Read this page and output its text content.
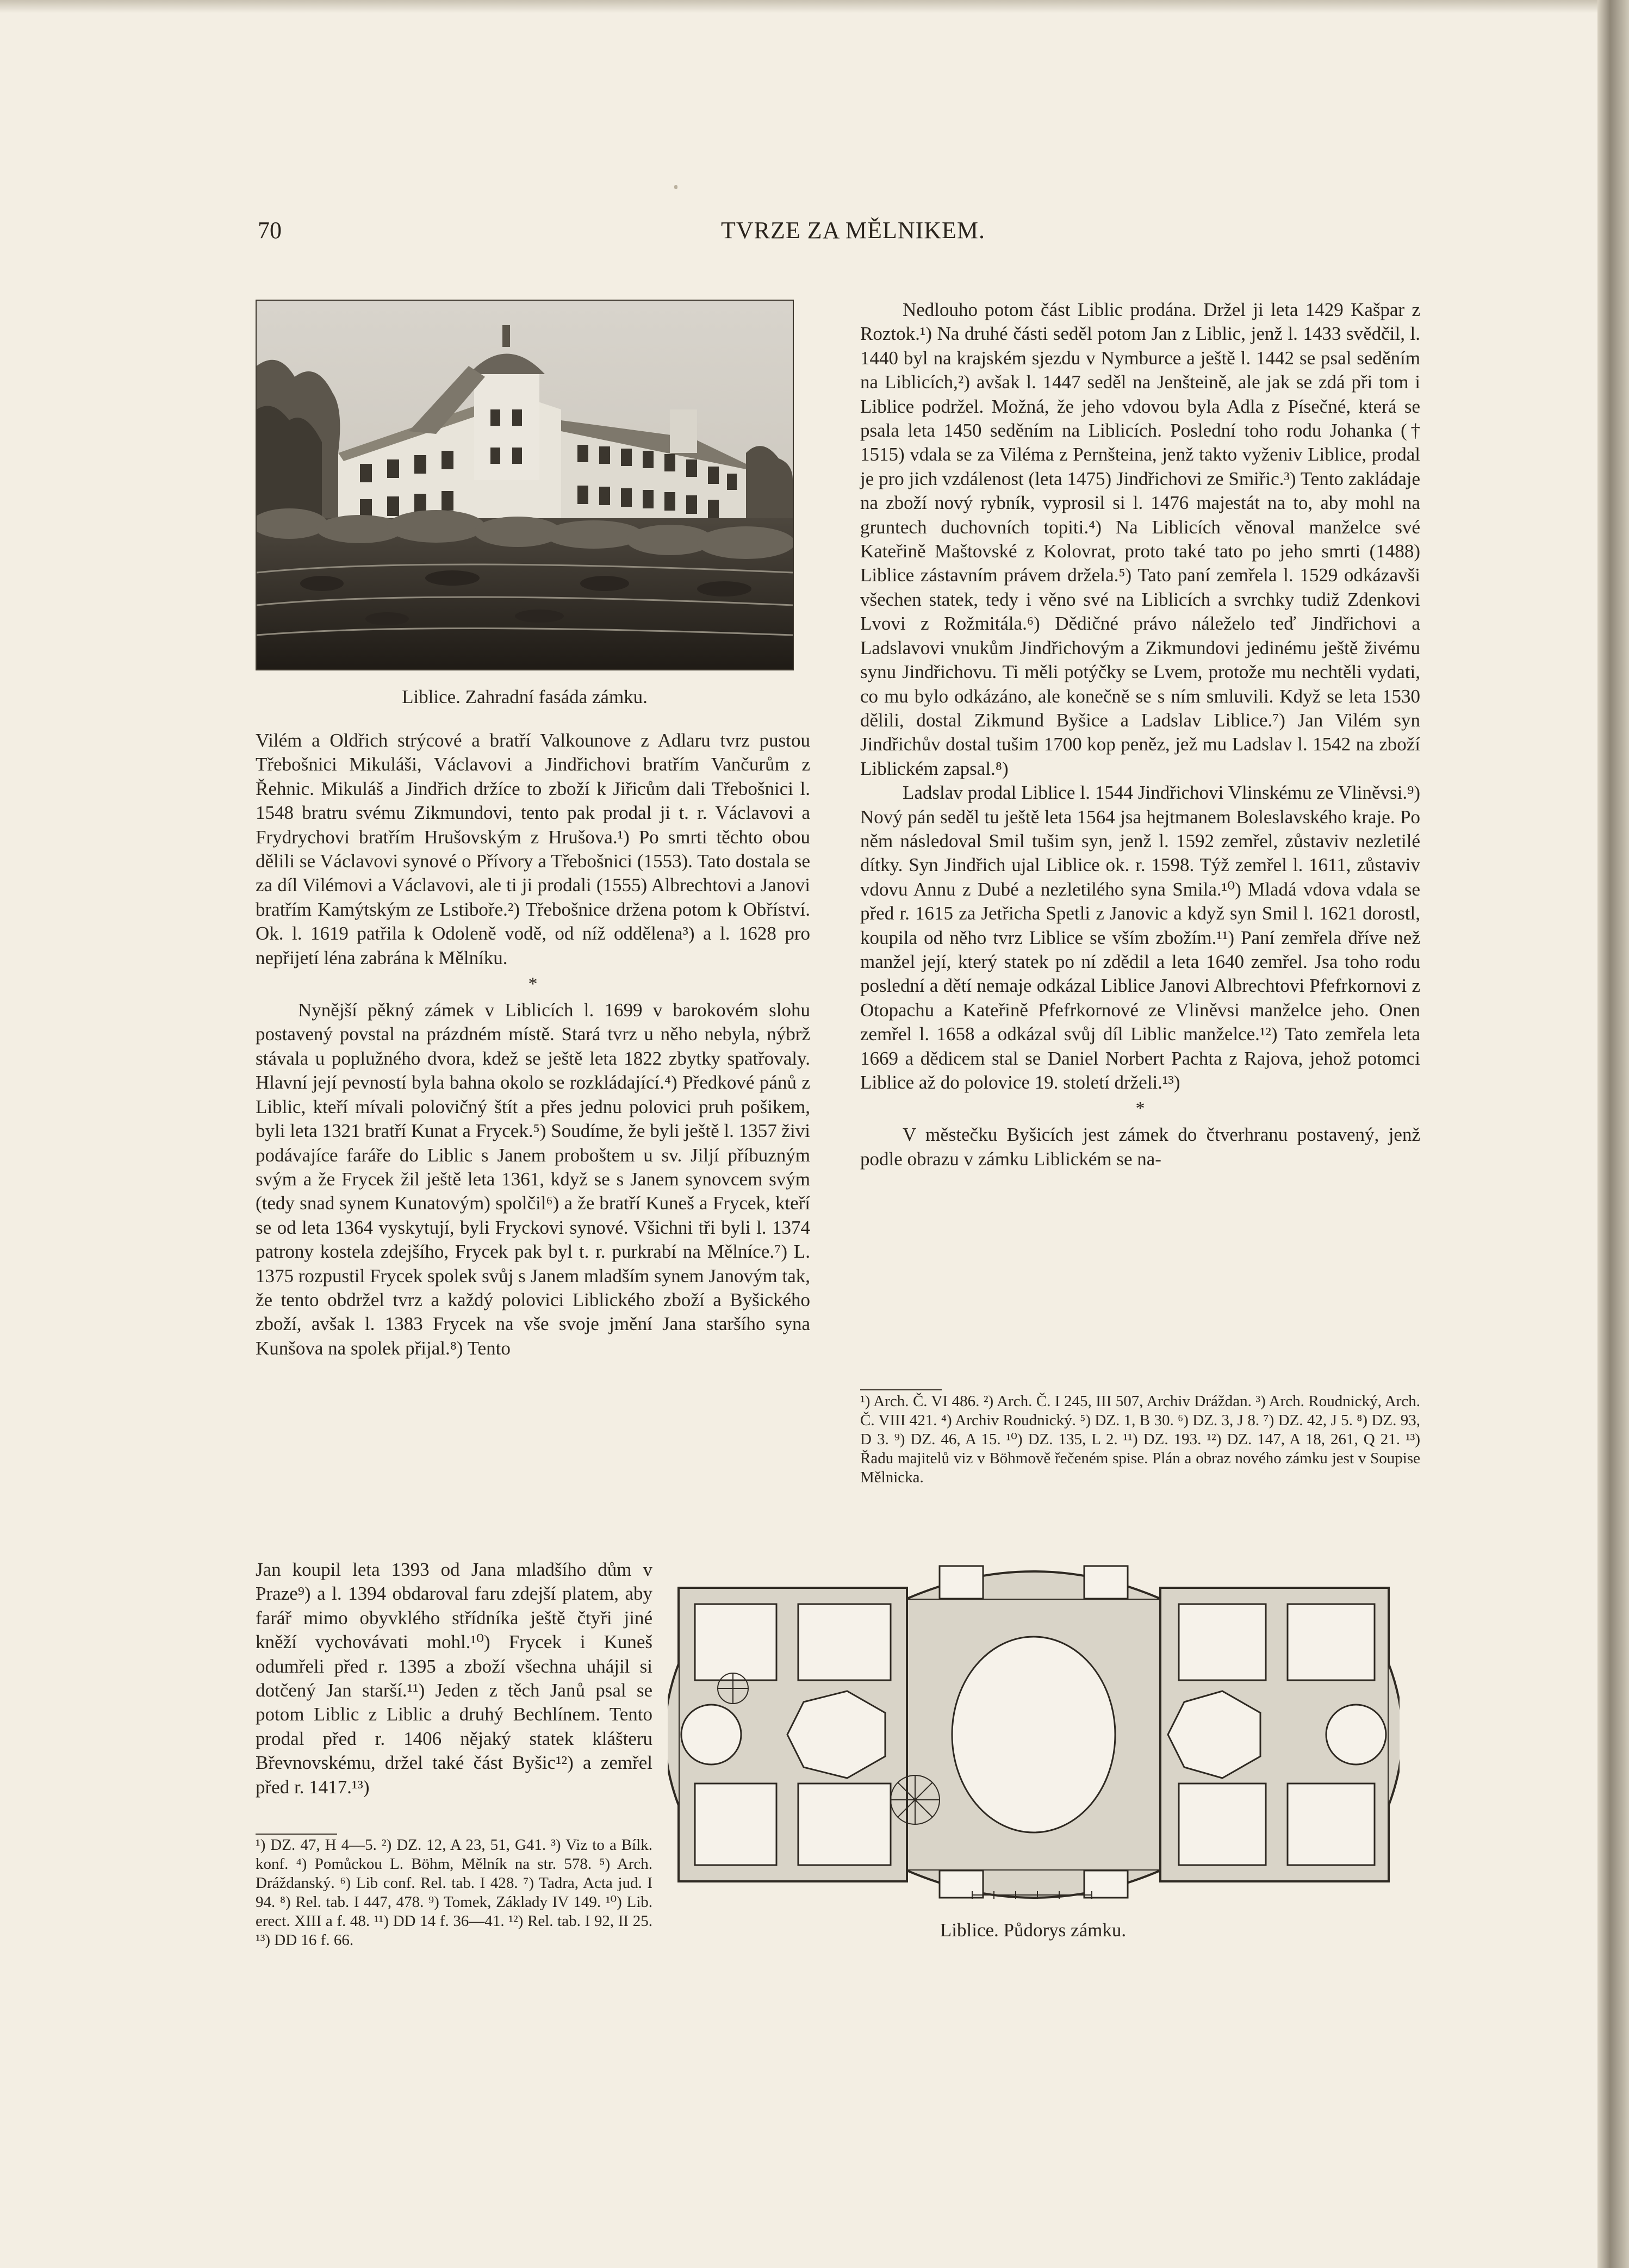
70	TVRZE ZA MĚLNIKEM.
Liblice. Zahradní fasáda zámku.

Vilém a Oldřich strýcové a bratří Valkounove z Adlaru tvrz pustou Třebošnici Mikuláši, Václavovi a Jindřichovi bratřím Vančurům z Řehnic. Mikuláš a Jindřich držíce to zboží k Jiřicům dali Třebošnici l. 1548 bratru svému Zikmundovi, tento pak prodal ji t. r. Václavovi a Frydrychovi bratřím Hrušovským z Hrušova.¹) Po smrti těchto obou dělili se Václavovi synové o Přívory a Třebošnici (1553). Tato dostala se za díl Vilémovi a Václavovi, ale ti ji prodali (1555) Albrechtovi a Janovi bratřím Kamýtským ze Lstiboře.²) Třebošnice držena potom k Obříství. Ok. l. 1619 patřila k Odoleně vodě, od níž oddělena³) a l. 1628 pro nepřijetí léna zabrána k Mělníku.

*

Nynější pěkný zámek v Liblicích l. 1699 v barokovém slohu postavený povstal na prázdném místě. Stará tvrz u něho nebyla, nýbrž stávala u poplužného dvora, kdež se ještě leta 1822 zbytky spatřovaly. Hlavní její pevností byla bahna okolo se rozkládající.⁴) Předkové pánů z Liblic, kteří mívali polovičný štít a přes jednu polovici pruh pošikem, byli leta 1321 bratří Kunat a Frycek.⁵) Soudíme, že byli ještě l. 1357 živi podávajíce faráře do Liblic s Janem proboštem u sv. Jiljí příbuzným svým a že Frycek žil ještě leta 1361, když se s Janem synovcem svým (tedy snad synem Kunatovým) spolčil⁶) a že bratří Kuneš a Frycek, kteří se od leta 1364 vyskytují, byli Fryckovi synové. Všichni tři byli l. 1374 patrony kostela zdejšího, Frycek pak byl t. r. purkrabí na Mělníce.⁷) L. 1375 rozpustil Frycek spolek svůj s Janem mladším synem Janovým tak, že tento obdržel tvrz a každý polovici Liblického zboží a Byšického zboží, avšak l. 1383 Frycek na vše svoje jmění Jana staršího syna Kunšova na spolek přijal.⁸) Tento

Jan koupil leta 1393 od Jana mladšího dům v Praze⁹) a l. 1394 obdaroval faru zdejší platem, aby farář mimo obyvklého střídníka ještě čtyři jiné kněží vychovávati mohl.¹⁰) Frycek i Kuneš odumřeli před r. 1395 a zboží všechna uhájil si dotčený Jan starší.¹¹) Jeden z těch Janů psal se potom Liblic z Liblic a druhý Bechlínem. Tento prodal před r. 1406 nějaký statek klášteru Břevnovskému, držel také část Byšic¹²) a zemřel před r. 1417.¹³)

¹) DZ. 47, H 4—5. ²) DZ. 12, A 23, 51, G41. ³) Viz to a Bílk. konf. ⁴) Pomůckou L. Böhm, Mělník na str. 578. ⁵) Arch. Dráždanský. ⁶) Lib conf. Rel. tab. I 428. ⁷) Tadra, Acta jud. I 94. ⁸) Rel. tab. I 447, 478. ⁹) Tomek, Základy IV 149. ¹⁰) Lib. erect. XIII a f. 48. ¹¹) DD 14 f. 36—41. ¹²) Rel. tab. I 92, II 25. ¹³) DD 16 f. 66.

Nedlouho potom část Liblic prodána. Držel ji leta 1429 Kašpar z Roztok.¹) Na druhé části seděl potom Jan z Liblic, jenž l. 1433 svědčil, l. 1440 byl na krajském sjezdu v Nymburce a ještě l. 1442 se psal seděním na Liblicích,²) avšak l. 1447 seděl na Jenšteině, ale jak se zdá při tom i Liblice podržel. Možná, že jeho vdovou byla Adla z Písečné, která se psala leta 1450 seděním na Liblicích. Poslední toho rodu Johanka († 1515) vdala se za Viléma z Pernšteina, jenž takto vyženiv Liblice, prodal je pro jich vzdálenost (leta 1475) Jindřichovi ze Smiřic.³) Tento zakládaje na zboží nový rybník, vyprosil si l. 1476 majestát na to, aby mohl na gruntech duchovních topiti.⁴) Na Liblicích věnoval manželce své Kateřině Maštovské z Kolovrat, proto také tato po jeho smrti (1488) Liblice zástavním právem držela.⁵) Tato paní zemřela l. 1529 odkázavši všechen statek, tedy i věno své na Liblicích a svrchky tudiž Zdenkovi Lvovi z Rožmitála.⁶) Dědičné právo náleželo teď Jindřichovi a Ladslavovi vnukům Jindřichovým a Zikmundovi jedinému ještě živému synu Jindřichovu. Ti měli potýčky se Lvem, protože mu nechtěli vydati, co mu bylo odkázáno, ale konečně se s ním smluvili. Když se leta 1530 dělili, dostal Zikmund Byšice a Ladslav Liblice.⁷) Jan Vilém syn Jindřichův dostal tušim 1700 kop peněz, jež mu Ladslav l. 1542 na zboží Liblickém zapsal.⁸)

Ladslav prodal Liblice l. 1544 Jindřichovi Vlinskému ze Vliněvsi.⁹) Nový pán seděl tu ještě leta 1564 jsa hejtmanem Boleslavského kraje. Po něm následoval Smil tušim syn, jenž l. 1592 zemřel, zůstaviv nezletilé dítky. Syn Jindřich ujal Liblice ok. r. 1598. Týž zemřel l. 1611, zůstaviv vdovu Annu z Dubé a nezletilého syna Smila.¹⁰) Mladá vdova vdala se před r. 1615 za Jetřicha Spetli z Janovic a když syn Smil l. 1621 dorostl, koupila od něho tvrz Liblice se vším zbožím.¹¹) Paní zemřela dříve než manžel její, který statek po ní zdědil a leta 1640 zemřel. Jsa toho rodu poslední a dětí nemaje odkázal Liblice Janovi Albrechtovi Pfefrkornovi z Otopachu a Kateřině Pfefrkornové ze Vliněvsi manželce jeho. Onen zemřel l. 1658 a odkázal svůj díl Liblic manželce.¹²) Tato zemřela leta 1669 a dědicem stal se Daniel Norbert Pachta z Rajova, jehož potomci Liblice až do polovice 19. století drželi.¹³)

*

V městečku Byšicích jest zámek do čtverhranu postavený, jenž podle obrazu v zámku Liblickém se na-

¹) Arch. Č. VI 486. ²) Arch. Č. I 245, III 507, Archiv Dráždan. ³) Arch. Roudnický, Arch. Č. VIII 421. ⁴) Archiv Roudnický. ⁵) DZ. 1, B 30. ⁶) DZ. 3, J 8. ⁷) DZ. 42, J 5. ⁸) DZ. 93, D 3. ⁹) DZ. 46, A 15. ¹⁰) DZ. 135, L 2. ¹¹) DZ. 193. ¹²) DZ. 147, A 18, 261, Q 21. ¹³) Řadu majitelů viz v Böhmově řečeném spise. Plán a obraz nového zámku jest v Soupise Mělnicka.
Liblice. Půdorys zámku.
